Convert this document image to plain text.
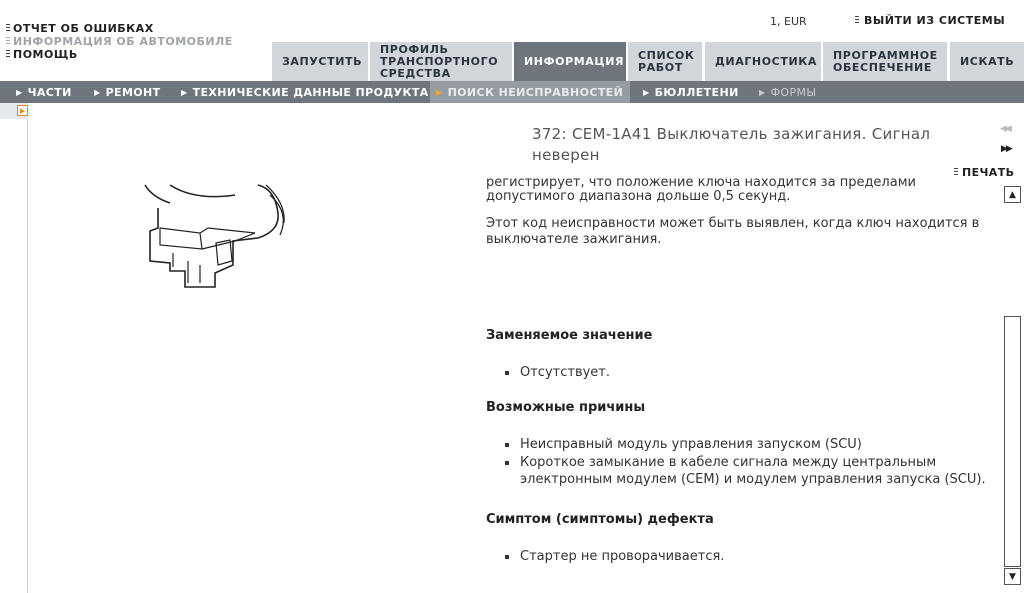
ОТЧЕТ ОБ ОШИБКАХ
ИНФОРМАЦИЯ ОБ АВТОМОБИЛЕ
ПОМОЩЬ
1, EUR	ВЫЙТИ ИЗ СИСТЕМЫ
ЗАПУСТИТЬ
ПРОФИЛЬ ТРАНСПОРТНОГО СРЕДСТВА
ИНФОРМАЦИЯ СПИСОК РАБОТ	ДИАГНОСТИКА ПРОГРАММНОЕ ОБЕСПЕЧЕНИЕ	ИСКАТЬ
▶ ЧАСТИ	▶ РЕМОНТ	▶ ТЕХНИЧЕСКИЕ ДАННЫЕ ПРОДУКТА ▶ ПОИСК НЕИСПРАВНОСТЕЙ ▶ БЮЛЛЕТЕНИ	▶ ФОРМЫ
▶
372: CEM-1A41 Выключатель зажигания. Сигнал неверен
◀◀
▶▶
ПЕЧАТЬ
регистрирует, что положение ключа находится за пределами
допустимого диапазона дольше 0,5 секунд.
Этот код неисправности может быть выявлен, когда ключ находится в выключателе зажигания.
Заменяемое значение
Отсутствует.
Возможные причины
Неисправный модуль управления запуском (SCU)
Короткое замыкание в кабеле сигнала между центральным электронным модулем (CEM) и модулем управления запуска (SCU).
Симптом (симптомы) дефекта
Стартер не проворачивается.
▲
▼
